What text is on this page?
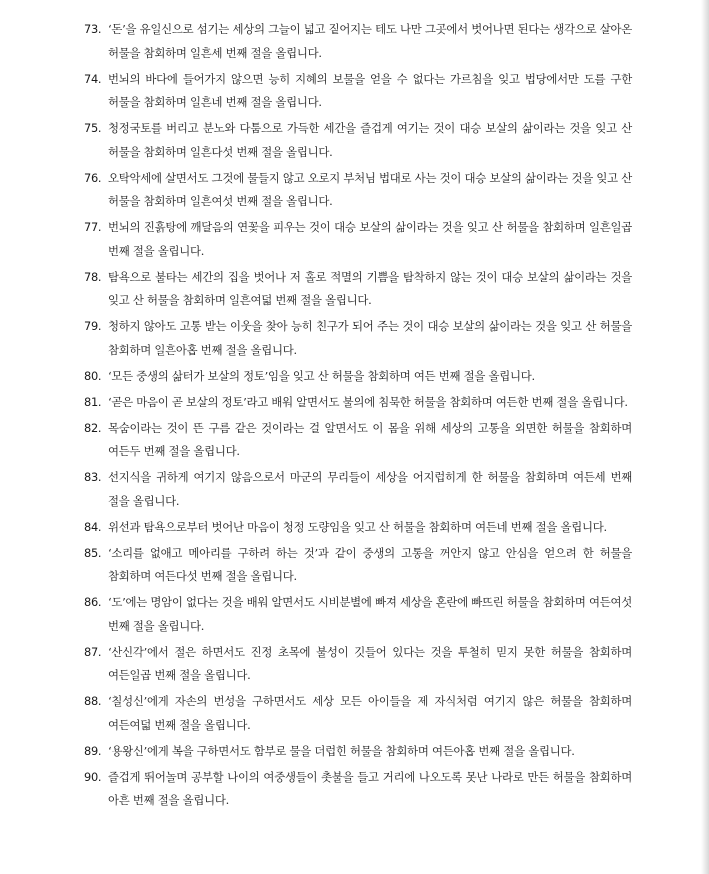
73. ‘돈’을 유일신으로 섬기는 세상의 그늘이 넓고 짙어지는 테도 나만 그곳에서 벗어나면 된다는 생각으로 살아온 허물을 참회하며 일흔세 번째 절을 올립니다.
74. 번뇌의 바다에 들어가지 않으면 능히 지혜의 보물을 얻을 수 없다는 가르침을 잊고 법당에서만 도를 구한 허물을 참회하며 일흔네 번째 절을 올립니다.
75. 청정국토를 버리고 분노와 다툼으로 가득한 세간을 즐겁게 여기는 것이 대승 보살의 삶이라는 것을 잊고 산 허물을 참회하며 일흔다섯 번째 절을 올립니다.
76. 오탁악세에 살면서도 그것에 물들지 않고 오로지 부처님 법대로 사는 것이 대승 보살의 삶이라는 것을 잊고 산 허물을 참회하며 일흔여섯 번째 절을 올립니다.
77. 번뇌의 진흙탕에 깨달음의 연꽃을 피우는 것이 대승 보살의 삶이라는 것을 잊고 산 허물을 참회하며 일흔일곱 번째 절을 올립니다.
78. 탐욕으로 불타는 세간의 집을 벗어나 저 홀로 적멸의 기쁨을 탐착하지 않는 것이 대승 보살의 삶이라는 것을 잊고 산 허물을 참회하며 일흔여덟 번째 절을 올립니다.
79. 청하지 않아도 고통 받는 이웃을 찾아 능히 친구가 되어 주는 것이 대승 보살의 삶이라는 것을 잊고 산 허물을 참회하며 일흔아홉 번째 절을 올립니다.
80. ‘모든 중생의 삶터가 보살의 정토’임을 잊고 산 허물을 참회하며 여든 번째 절을 올립니다.
81. ‘곧은 마음이 곧 보살의 정토’라고 배워 알면서도 불의에 침묵한 허물을 참회하며 여든한 번째 절을 올립니다.
82. 목숨이라는 것이 뜬 구름 같은 것이라는 걸 알면서도 이 몸을 위해 세상의 고통을 외면한 허물을 참회하며 여든두 번째 절을 올립니다.
83. 선지식을 귀하게 여기지 않음으로서 마군의 무리들이 세상을 어지럽히게 한 허물을 참회하며 여든세 번째 절을 올립니다.
84. 위선과 탐욕으로부터 벗어난 마음이 청정 도량임을 잊고 산 허물을 참회하며 여든네 번째 절을 올립니다.
85. ‘소리를 없애고 메아리를 구하려 하는 것’과 같이 중생의 고통을 꺼안지 않고 안심을 얻으려 한 허물을 참회하며 여든다섯 번째 절을 올립니다.
86. ‘도’에는 명암이 없다는 것을 배워 알면서도 시비분별에 빠져 세상을 혼란에 빠뜨린 허물을 참회하며 여든여섯 번째 절을 올립니다.
87. ‘산신각’에서 절은 하면서도 진정 초목에 불성이 깃들어 있다는 것을 투철히 믿지 못한 허물을 참회하며 여든일곱 번째 절을 올립니다.
88. ‘칠성신’에게 자손의 번성을 구하면서도 세상 모든 아이들을 제 자식처럼 여기지 않은 허물을 참회하며 여든여덟 번째 절을 올립니다.
89. ‘용왕신’에게 복을 구하면서도 함부로 물을 더럽힌 허물을 참회하며 여든아홉 번째 절을 올립니다.
90. 즐겁게 뛰어놀며 공부할 나이의 여중생들이 촛불을 들고 거리에 나오도록 못난 나라로 만든 허물을 참회하며 아흔 번째 절을 올립니다.
